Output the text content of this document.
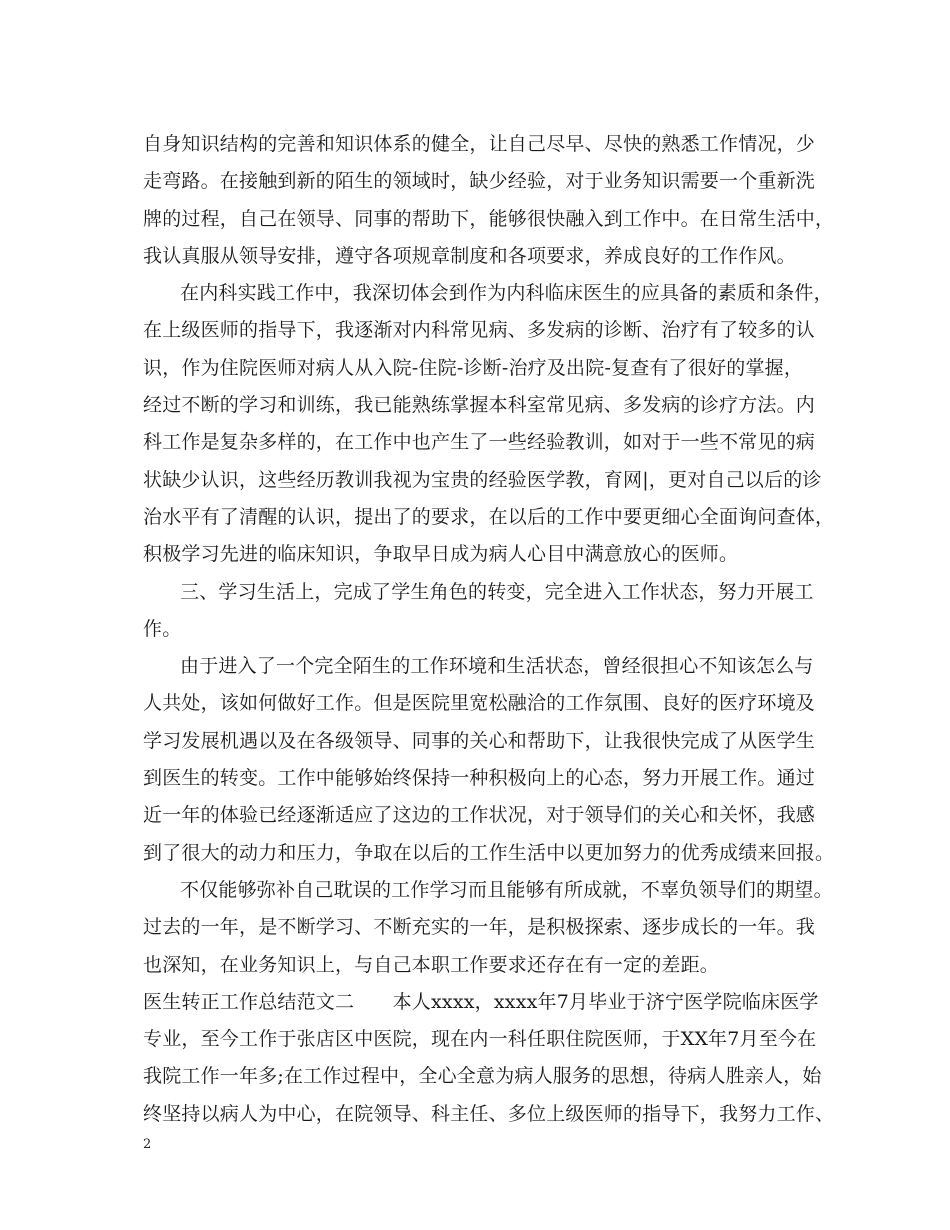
自身知识结构的完善和知识体系的健全，让自己尽早、尽快的熟悉工作情况，少
走弯路。在接触到新的陌生的领域时，缺少经验，对于业务知识需要一个重新洗
牌的过程，自己在领导、同事的帮助下，能够很快融入到工作中。在日常生活中，
我认真服从领导安排，遵守各项规章制度和各项要求，养成良好的工作作风。
在内科实践工作中，我深切体会到作为内科临床医生的应具备的素质和条件，
在上级医师的指导下，我逐渐对内科常见病、多发病的诊断、治疗有了较多的认
识，作为住院医师对病人从入院-住院-诊断-治疗及出院-复查有了很好的掌握，
经过不断的学习和训练，我已能熟练掌握本科室常见病、多发病的诊疗方法。内
科工作是复杂多样的，在工作中也产生了一些经验教训，如对于一些不常见的病
状缺少认识，这些经历教训我视为宝贵的经验医学教，育网|，更对自己以后的诊
治水平有了清醒的认识，提出了的要求，在以后的工作中要更细心全面询问查体，
积极学习先进的临床知识，争取早日成为病人心目中满意放心的医师。
三、学习生活上，完成了学生角色的转变，完全进入工作状态，努力开展工
作。
由于进入了一个完全陌生的工作环境和生活状态，曾经很担心不知该怎么与
人共处，该如何做好工作。但是医院里宽松融洽的工作氛围、良好的医疗环境及
学习发展机遇以及在各级领导、同事的关心和帮助下，让我很快完成了从医学生
到医生的转变。工作中能够始终保持一种积极向上的心态，努力开展工作。通过
近一年的体验已经逐渐适应了这边的工作状况，对于领导们的关心和关怀，我感
到了很大的动力和压力，争取在以后的工作生活中以更加努力的优秀成绩来回报。
不仅能够弥补自己耽误的工作学习而且能够有所成就，不辜负领导们的期望。
过去的一年，是不断学习、不断充实的一年，是积极探索、逐步成长的一年。我
也深知，在业务知识上，与自己本职工作要求还存在有一定的差距。
医生转正工作总结范文二　　本人xxxx，xxxx年7月毕业于济宁医学院临床医学
专业，至今工作于张店区中医院，现在内一科任职住院医师，于XX年7月至今在
我院工作一年多;在工作过程中，全心全意为病人服务的思想，待病人胜亲人，始
终坚持以病人为中心，在院领导、科主任、多位上级医师的指导下，我努力工作、
2
